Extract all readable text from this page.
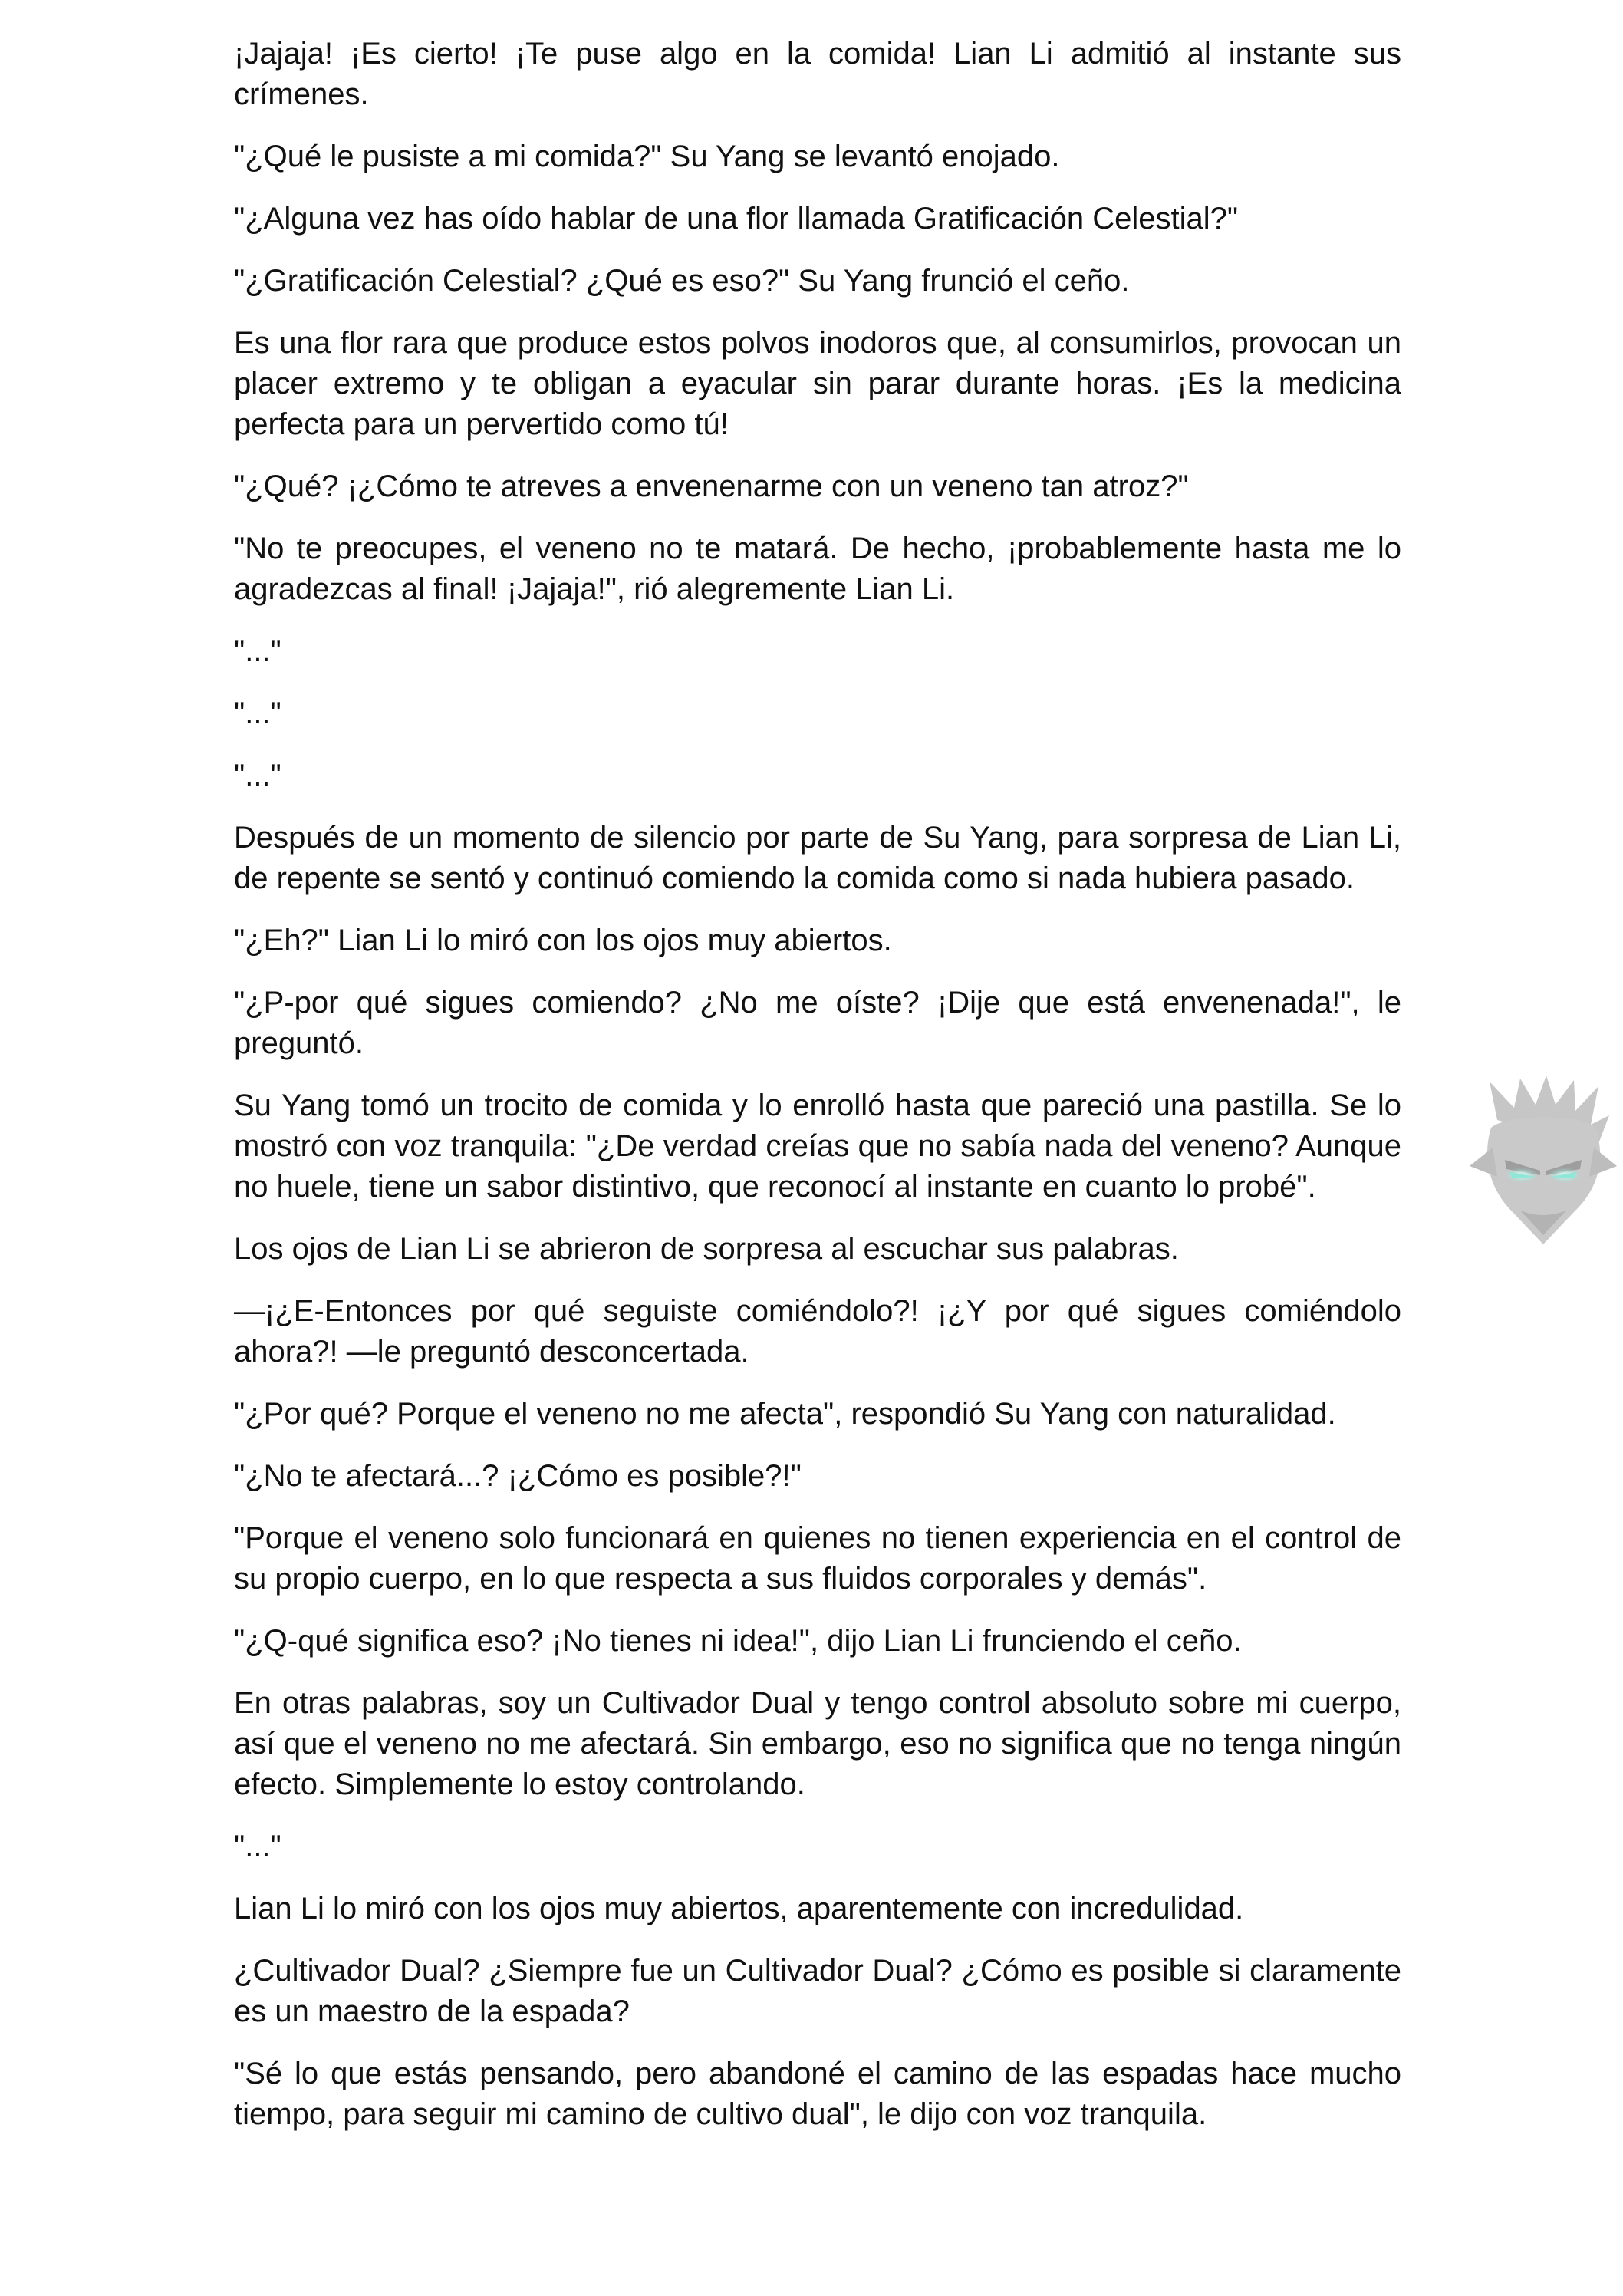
¡Jajaja! ¡Es cierto! ¡Te puse algo en la comida! Lian Li admitió al instante sus crímenes.

"¿Qué le pusiste a mi comida?" Su Yang se levantó enojado.

"¿Alguna vez has oído hablar de una flor llamada Gratificación Celestial?"

"¿Gratificación Celestial? ¿Qué es eso?" Su Yang frunció el ceño.

Es una flor rara que produce estos polvos inodoros que, al consumirlos, provocan un placer extremo y te obligan a eyacular sin parar durante horas. ¡Es la medicina perfecta para un pervertido como tú!

"¿Qué? ¡¿Cómo te atreves a envenenarme con un veneno tan atroz?"

"No te preocupes, el veneno no te matará. De hecho, ¡probablemente hasta me lo agradezcas al final! ¡Jajaja!", rió alegremente Lian Li.

"..."

"..."

"..."

Después de un momento de silencio por parte de Su Yang, para sorpresa de Lian Li, de repente se sentó y continuó comiendo la comida como si nada hubiera pasado.

"¿Eh?" Lian Li lo miró con los ojos muy abiertos.

"¿P-por qué sigues comiendo? ¿No me oíste? ¡Dije que está envenenada!", le preguntó.

Su Yang tomó un trocito de comida y lo enrolló hasta que pareció una pastilla. Se lo mostró con voz tranquila: "¿De verdad creías que no sabía nada del veneno? Aunque no huele, tiene un sabor distintivo, que reconocí al instante en cuanto lo probé".

Los ojos de Lian Li se abrieron de sorpresa al escuchar sus palabras.

—¡¿E-Entonces por qué seguiste comiéndolo?! ¡¿Y por qué sigues comiéndolo ahora?! —le preguntó desconcertada.

"¿Por qué? Porque el veneno no me afecta", respondió Su Yang con naturalidad.

"¿No te afectará...? ¡¿Cómo es posible?!"

"Porque el veneno solo funcionará en quienes no tienen experiencia en el control de su propio cuerpo, en lo que respecta a sus fluidos corporales y demás".

"¿Q-qué significa eso? ¡No tienes ni idea!", dijo Lian Li frunciendo el ceño.

En otras palabras, soy un Cultivador Dual y tengo control absoluto sobre mi cuerpo, así que el veneno no me afectará. Sin embargo, eso no significa que no tenga ningún efecto. Simplemente lo estoy controlando.

"..."

Lian Li lo miró con los ojos muy abiertos, aparentemente con incredulidad.

¿Cultivador Dual? ¿Siempre fue un Cultivador Dual? ¿Cómo es posible si claramente es un maestro de la espada?

"Sé lo que estás pensando, pero abandoné el camino de las espadas hace mucho tiempo, para seguir mi camino de cultivo dual", le dijo con voz tranquila.
